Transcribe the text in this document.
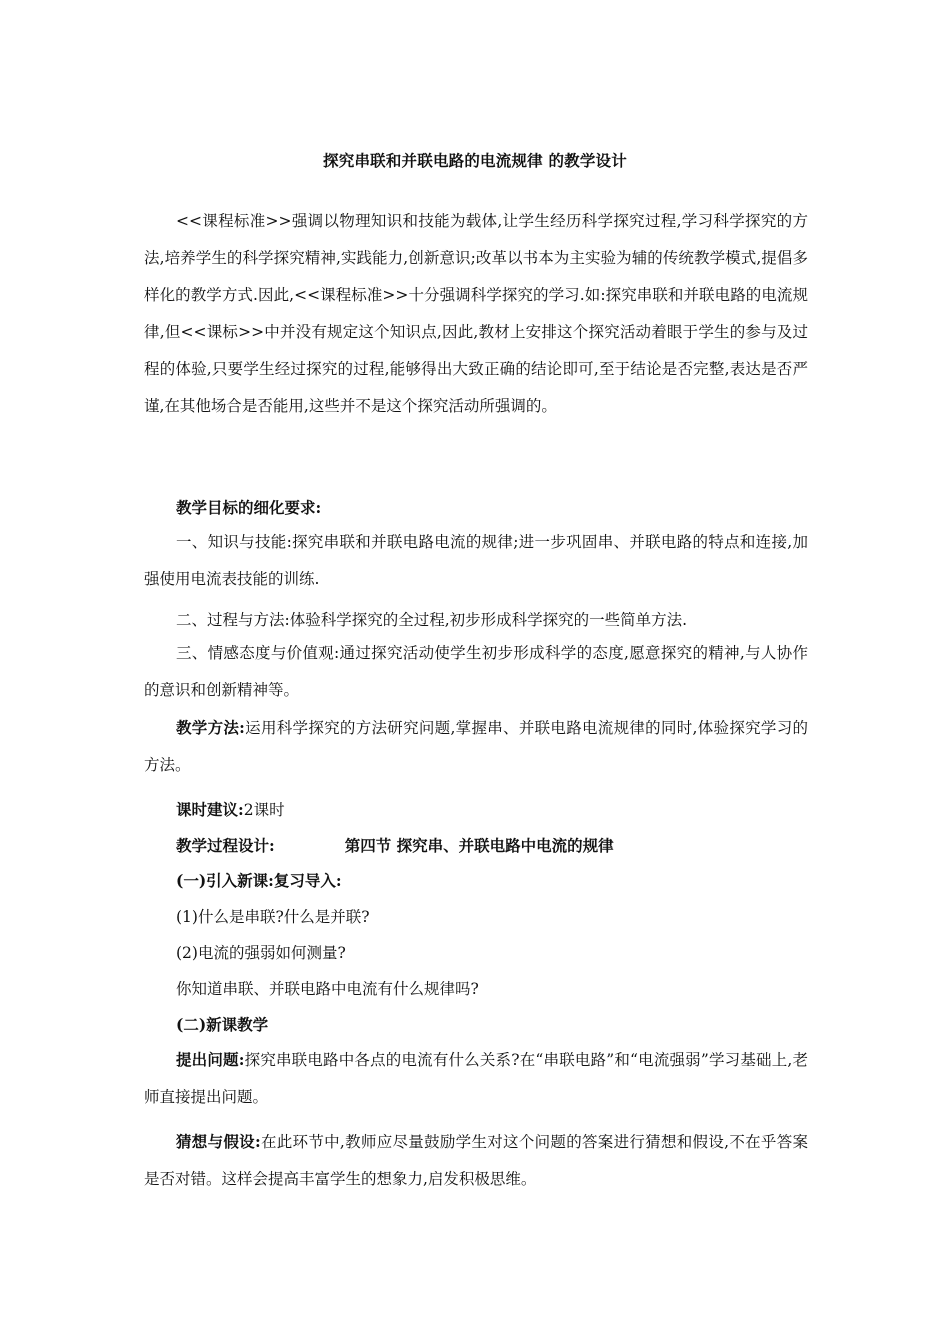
探究串联和并联电路的电流规律 的教学设计

<<课程标准>>强调以物理知识和技能为载体,让学生经历科学探究过程,学习科学探究的方法,培养学生的科学探究精神,实践能力,创新意识;改革以书本为主实验为辅的传统教学模式,提倡多样化的教学方式.因此,<<课程标准>>十分强调科学探究的学习.如:探究串联和并联电路的电流规律,但<<课标>>中并没有规定这个知识点,因此,教材上安排这个探究活动着眼于学生的参与及过程的体验,只要学生经过探究的过程,能够得出大致正确的结论即可,至于结论是否完整,表达是否严谨,在其他场合是否能用,这些并不是这个探究活动所强调的。

教学目标的细化要求:

一、知识与技能:探究串联和并联电路电流的规律;进一步巩固串、并联电路的特点和连接,加强使用电流表技能的训练.

二、过程与方法:体验科学探究的全过程,初步形成科学探究的一些简单方法.

三、情感态度与价值观:通过探究活动使学生初步形成科学的态度,愿意探究的精神,与人协作的意识和创新精神等。

教学方法:运用科学探究的方法研究问题,掌握串、并联电路电流规律的同时,体验探究学习的方法。

课时建议:2课时
教学过程设计:	第四节 探究串、并联电路中电流的规律
(一)引入新课:复习导入:
(1)什么是串联?什么是并联?
(2)电流的强弱如何测量?
你知道串联、并联电路中电流有什么规律吗?
(二)新课教学

提出问题:探究串联电路中各点的电流有什么关系?在“串联电路”和“电流强弱”学习基础上,老师直接提出问题。

猜想与假设:在此环节中,教师应尽量鼓励学生对这个问题的答案进行猜想和假设,不在乎答案是否对错。这样会提高丰富学生的想象力,启发积极思维。
